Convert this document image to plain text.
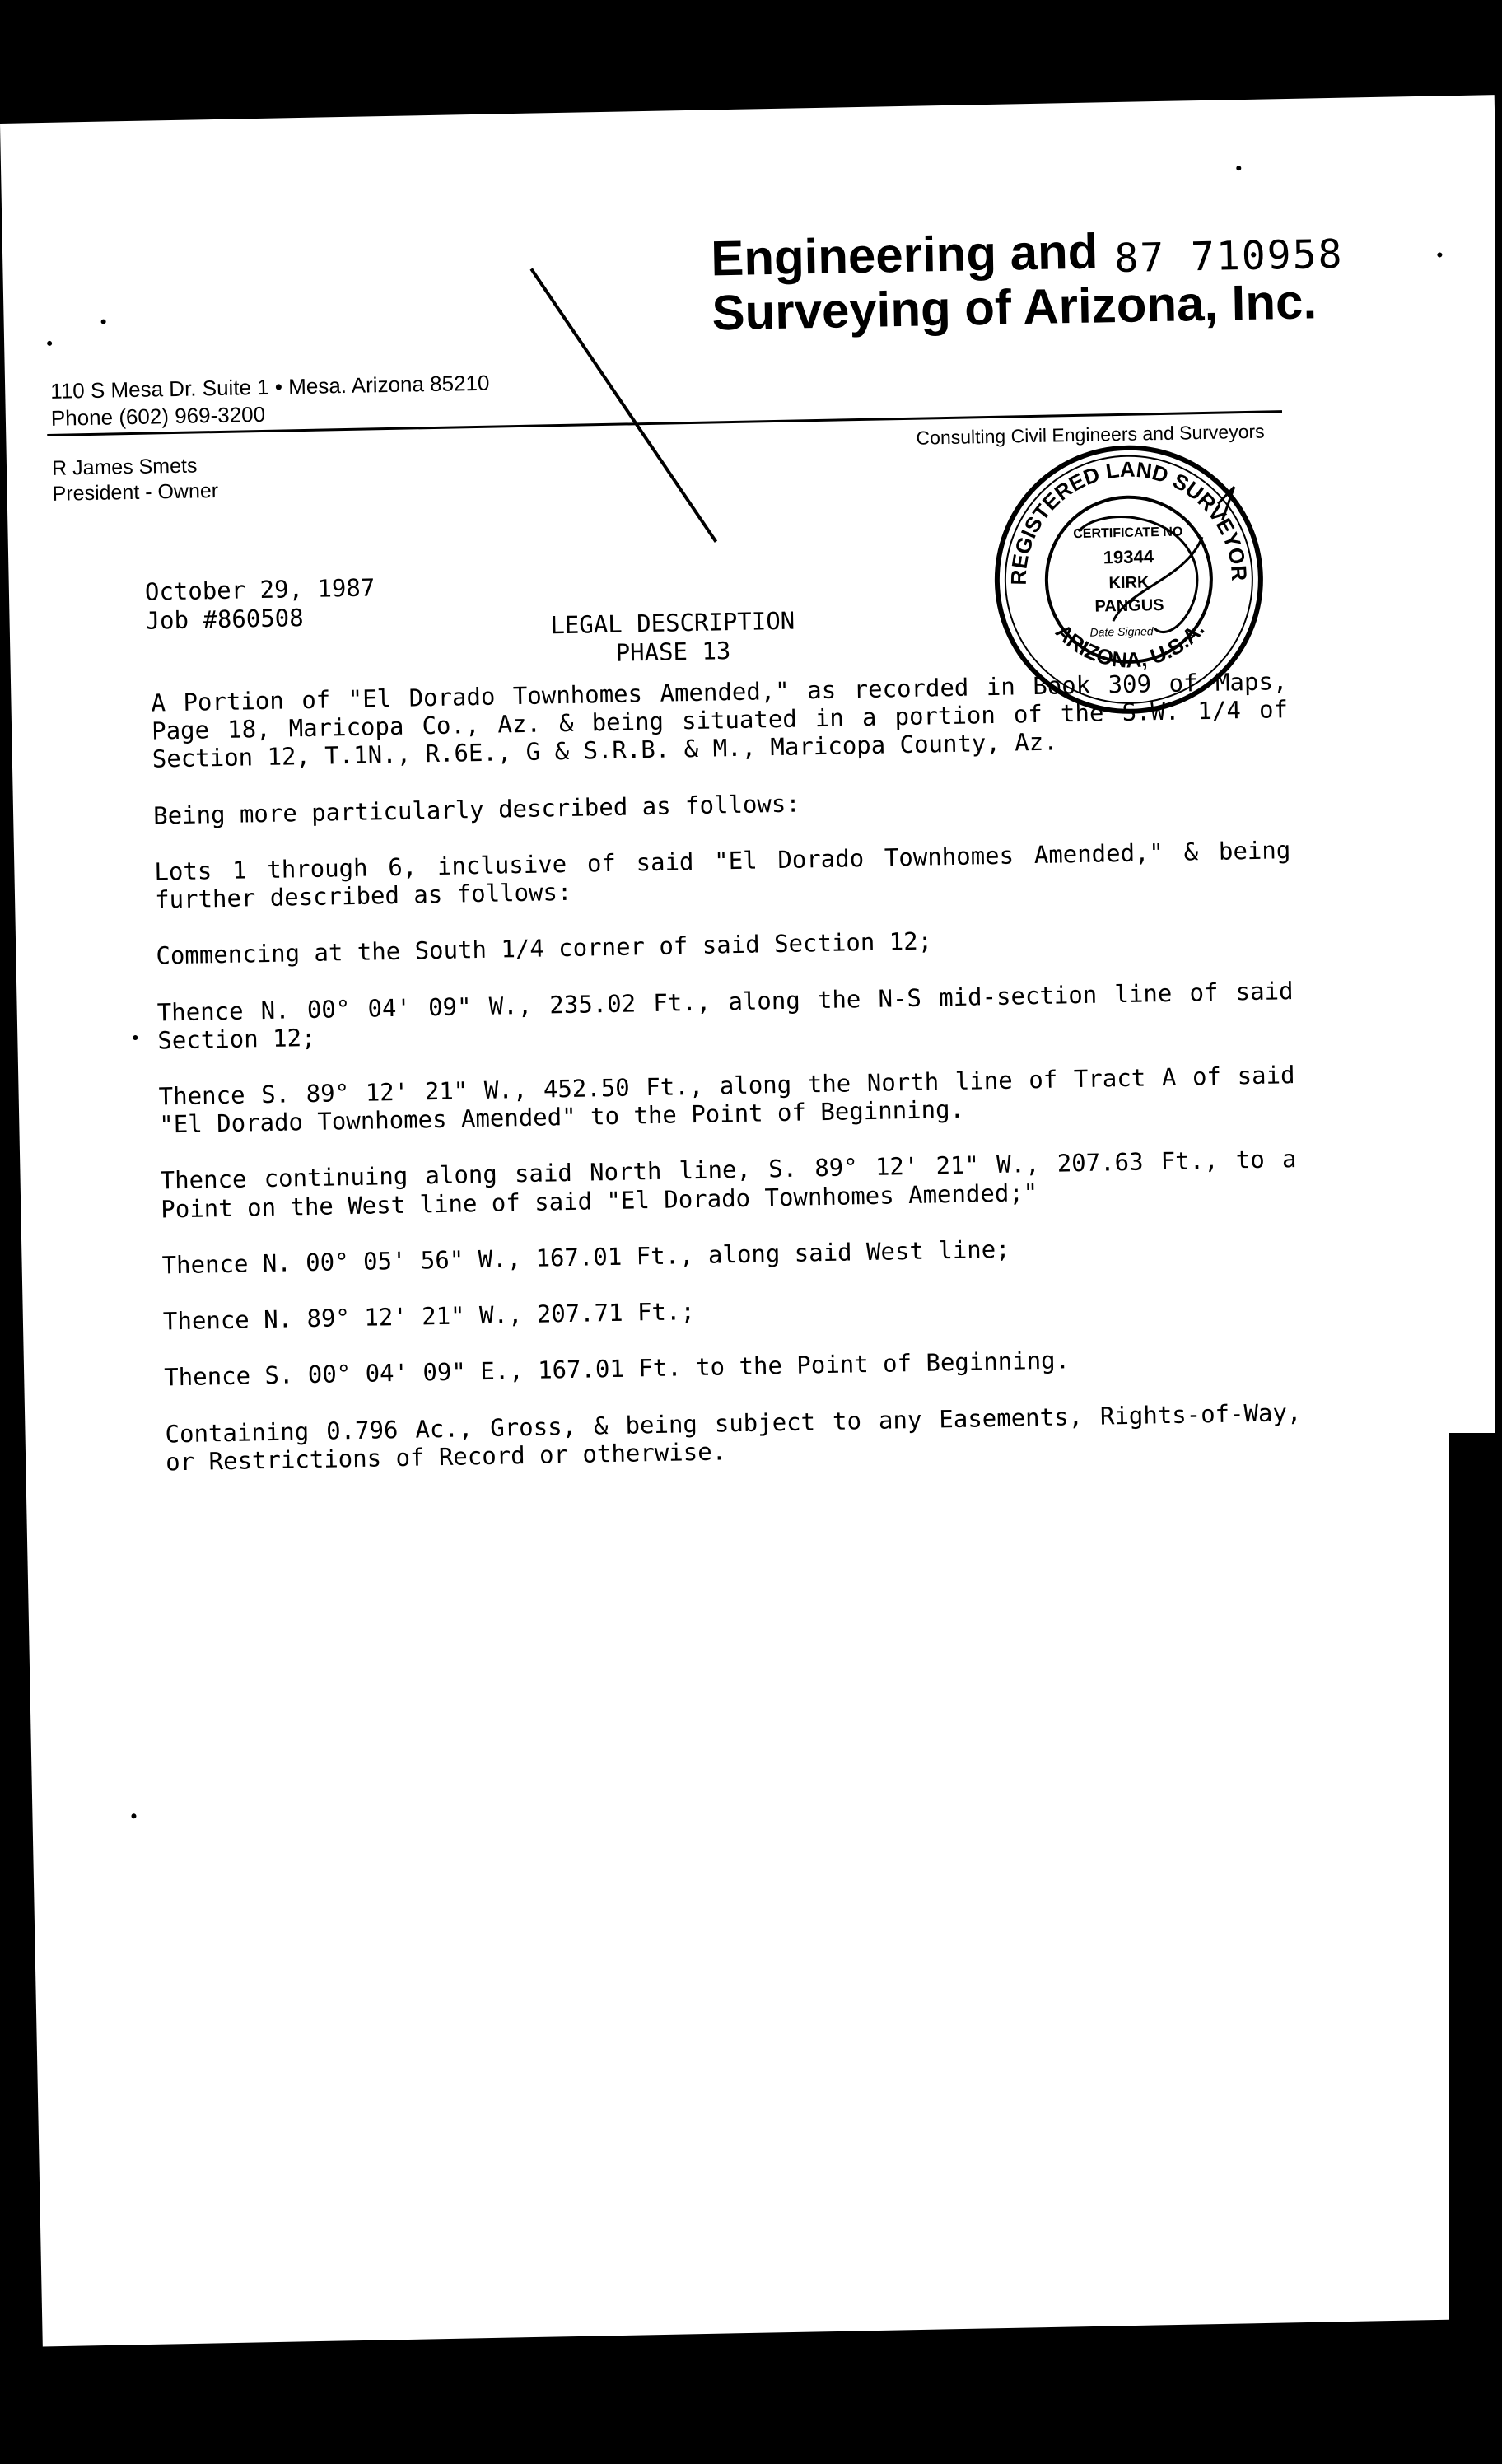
Engineering and
Surveying of Arizona, Inc.
87 710958
110 S Mesa Dr. Suite 1 • Mesa. Arizona 85210
Phone (602) 969-3200
Consulting Civil Engineers and Surveyors
R James Smets
President - Owner
REGISTERED LAND SURVEYOR
ARIZONA, U.S.A.
CERTIFICATE NO
19344
KIRK
PANGUS
Date Signed
October 29, 1987
Job #860508	LEGAL DESCRIPTION
PHASE 13

A Portion of "El Dorado Townhomes Amended," as recorded in Book 309 of Maps, Page 18, Maricopa Co., Az. & being situated in a portion of the S.W. 1/4 of Section 12, T.1N., R.6E., G & S.R.B. & M., Maricopa County, Az.

Being more particularly described as follows:

Lots 1 through 6, inclusive of said "El Dorado Townhomes Amended," & being further described as follows:

Commencing at the South 1/4 corner of said Section 12;

Thence N. 00° 04' 09" W., 235.02 Ft., along the N-S mid-section line of said Section 12;

Thence S. 89° 12' 21" W., 452.50 Ft., along the North line of Tract A of said "El Dorado Townhomes Amended" to the Point of Beginning.

Thence continuing along said North line, S. 89° 12' 21" W., 207.63 Ft., to a Point on the West line of said "El Dorado Townhomes Amended;"

Thence N. 00° 05' 56" W., 167.01 Ft., along said West line;

Thence N. 89° 12' 21" W., 207.71 Ft.;

Thence S. 00° 04' 09" E., 167.01 Ft. to the Point of Beginning.

Containing 0.796 Ac., Gross, & being subject to any Easements, Rights-of-Way, or Restrictions of Record or otherwise.
